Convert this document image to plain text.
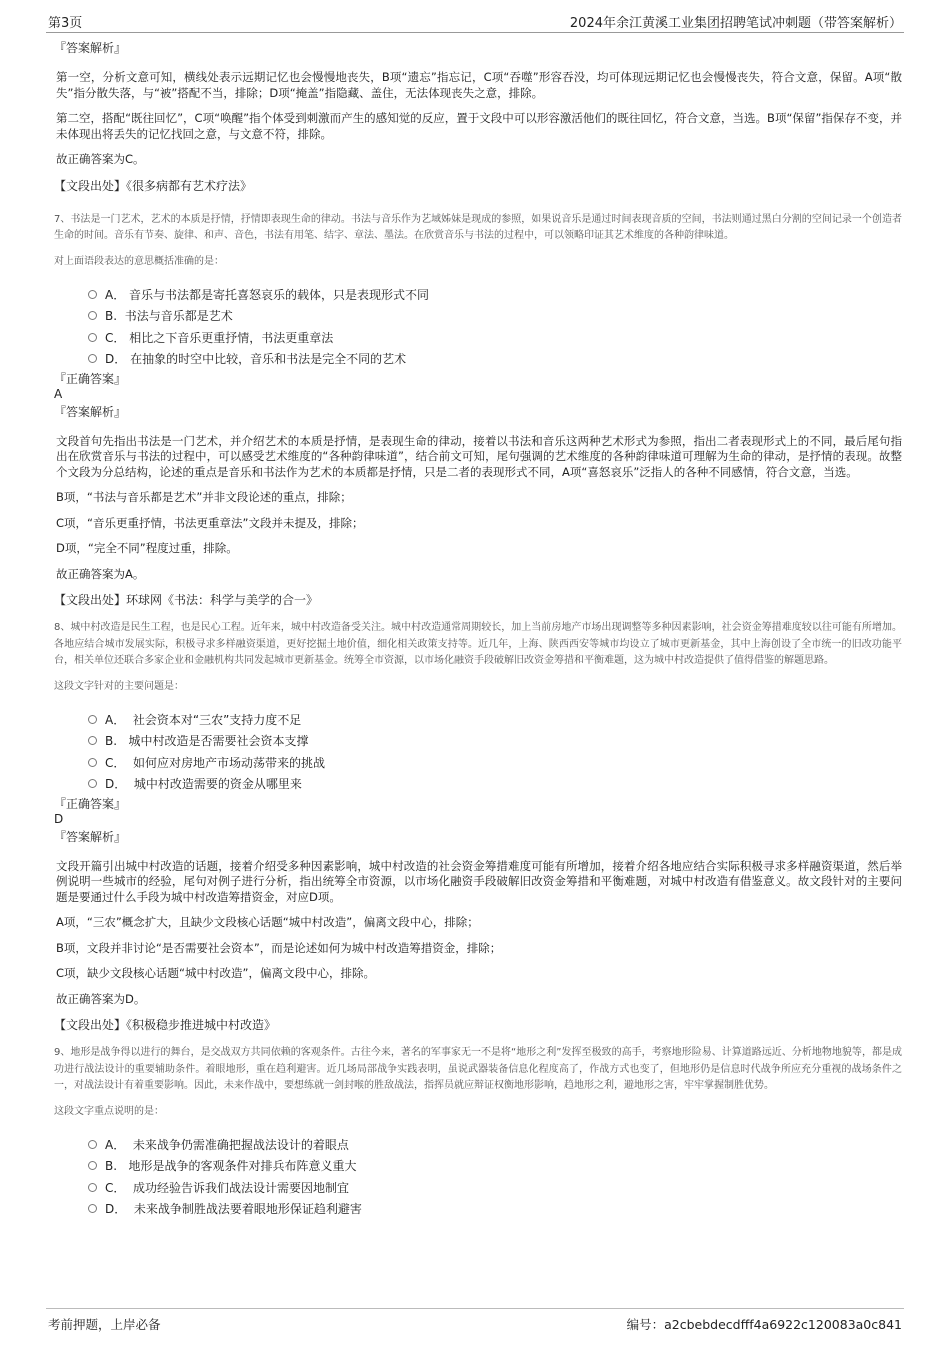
第3页	2024年余江黄溪工业集团招聘笔试冲刺题（带答案解析）

『答案解析』

第一空，分析文意可知，横线处表示远期记忆也会慢慢地丧失，B项“遗忘”指忘记，C项“吞噬”形容吞没，均可体现远期记忆也会慢慢丧失，符合文意，保留。A项“散失”指分散失落，与“被”搭配不当，排除；D项“掩盖”指隐藏、盖住，无法体现丧失之意，排除。

第二空，搭配“既往回忆”，C项“唤醒”指个体受到刺激而产生的感知觉的反应，置于文段中可以形容激活他们的既往回忆，符合文意，当选。B项“保留”指保存不变，并未体现出将丢失的记忆找回之意，与文意不符，排除。

故正确答案为C。

【文段出处】《很多病都有艺术疗法》

7、书法是一门艺术，艺术的本质是抒情，抒情即表现生命的律动。书法与音乐作为艺域姊妹是现成的参照，如果说音乐是通过时间表现音质的空间，书法则通过黑白分割的空间记录一个创造者生命的时间。音乐有节奏、旋律、和声、音色，书法有用笔、结字、章法、墨法。在欣赏音乐与书法的过程中，可以领略印证其艺术维度的各种韵律味道。

对上面语段表达的意思概括准确的是：

A． 音乐与书法都是寄托喜怒哀乐的载体，只是表现形式不同
B. 书法与音乐都是艺术
C． 相比之下音乐更重抒情，书法更重章法
D． 在抽象的时空中比较，音乐和书法是完全不同的艺术

『正确答案』

A

『答案解析』

文段首句先指出书法是一门艺术，并介绍艺术的本质是抒情，是表现生命的律动，接着以书法和音乐这两种艺术形式为参照，指出二者表现形式上的不同，最后尾句指出在欣赏音乐与书法的过程中，可以感受艺术维度的“各种韵律味道”，结合前文可知，尾句强调的艺术维度的各种韵律味道可理解为生命的律动，是抒情的表现。故整个文段为分总结构，论述的重点是音乐和书法作为艺术的本质都是抒情，只是二者的表现形式不同，A项“喜怒哀乐”泛指人的各种不同感情，符合文意，当选。

B项，“书法与音乐都是艺术”并非文段论述的重点，排除；

C项，“音乐更重抒情，书法更重章法”文段并未提及，排除；

D项，“完全不同”程度过重，排除。

故正确答案为A。

【文段出处】环球网《书法：科学与美学的合一》

8、城中村改造是民生工程，也是民心工程。近年来，城中村改造备受关注。城中村改造通常周期较长，加上当前房地产市场出现调整等多种因素影响，社会资金筹措难度较以往可能有所增加。各地应结合城市发展实际，积极寻求多样融资渠道，更好挖掘土地价值，细化相关政策支持等。近几年，上海、陕西西安等城市均设立了城市更新基金，其中上海创设了全市统一的旧改功能平台，相关单位还联合多家企业和金融机构共同发起城市更新基金。统筹全市资源，以市场化融资手段破解旧改资金筹措和平衡难题，这为城中村改造提供了值得借鉴的解题思路。

这段文字针对的主要问题是：

A． 社会资本对“三农”支持力度不足
B. 城中村改造是否需要社会资本支撑
C． 如何应对房地产市场动荡带来的挑战
D． 城中村改造需要的资金从哪里来

『正确答案』

D

『答案解析』

文段开篇引出城中村改造的话题，接着介绍受多种因素影响，城中村改造的社会资金筹措难度可能有所增加，接着介绍各地应结合实际积极寻求多样融资渠道，然后举例说明一些城市的经验，尾句对例子进行分析，指出统筹全市资源，以市场化融资手段破解旧改资金筹措和平衡难题，对城中村改造有借鉴意义。故文段针对的主要问题是要通过什么手段为城中村改造筹措资金，对应D项。

A项，“三农”概念扩大，且缺少文段核心话题“城中村改造”，偏离文段中心，排除；

B项，文段并非讨论“是否需要社会资本”，而是论述如何为城中村改造筹措资金，排除；

C项，缺少文段核心话题“城中村改造”，偏离文段中心，排除。

故正确答案为D。

【文段出处】《积极稳步推进城中村改造》

9、地形是战争得以进行的舞台，是交战双方共同依赖的客观条件。古往今来，著名的军事家无一不是将“地形之利”发挥至极致的高手，考察地形险易、计算道路远近、分析地物地貌等，都是成功进行战法设计的重要辅助条件。着眼地形，重在趋利避害。近几场局部战争实践表明，虽说武器装备信息化程度高了，作战方式也变了，但地形仍是信息时代战争所应充分重视的战场条件之一，对战法设计有着重要影响。因此，未来作战中，要想练就一剑封喉的胜敌战法，指挥员就应辩证权衡地形影响，趋地形之利，避地形之害，牢牢掌握制胜优势。

这段文字重点说明的是：

A． 未来战争仍需准确把握战法设计的着眼点
B. 地形是战争的客观条件对排兵布阵意义重大
C． 成功经验告诉我们战法设计需要因地制宜
D． 未来战争制胜战法要着眼地形保证趋利避害
考前押题，上岸必备	编号：a2cbebdecdfff4a6922c120083a0c841
